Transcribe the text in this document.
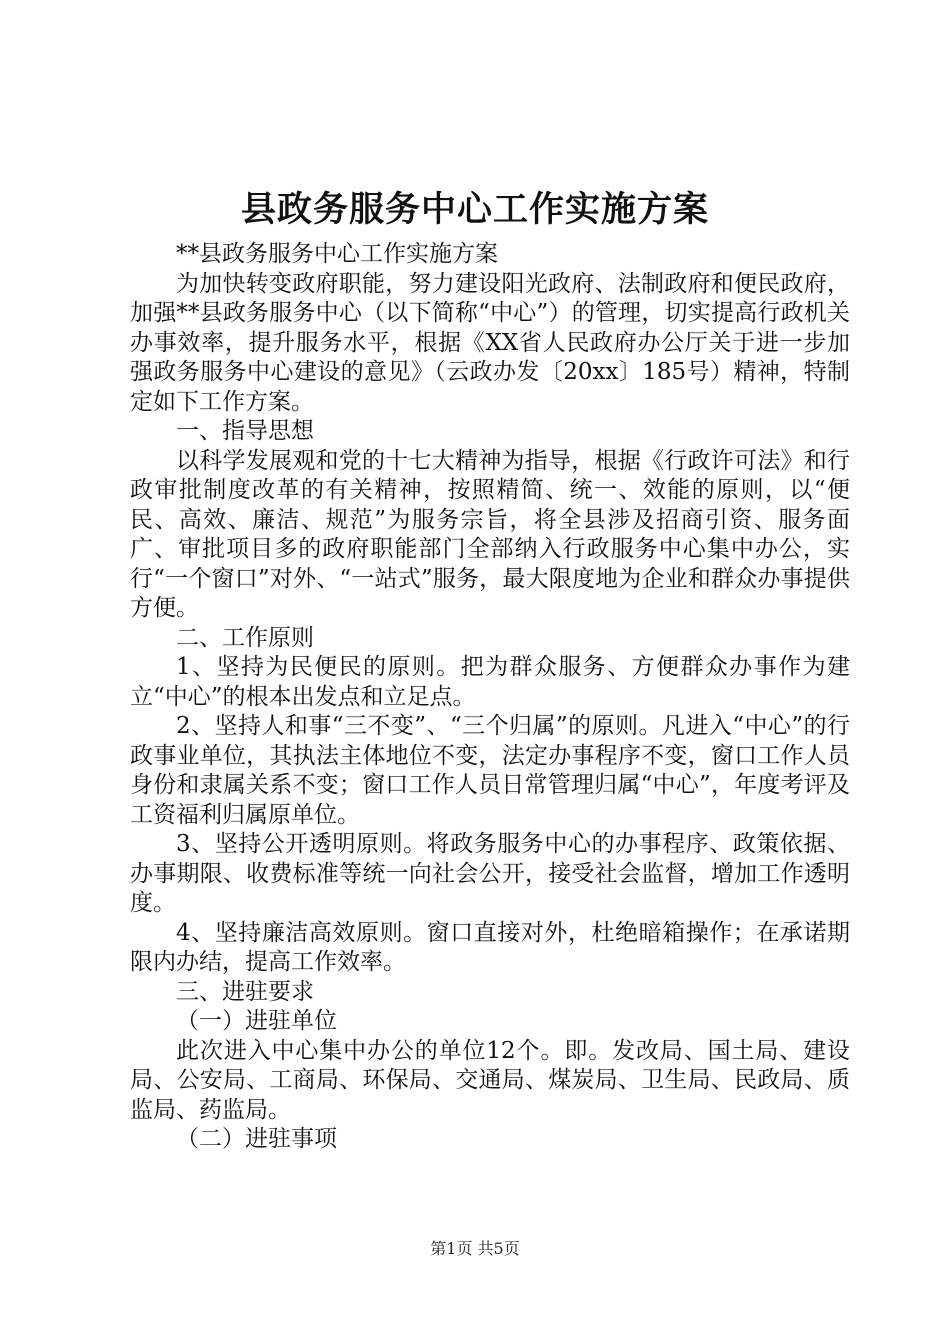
县政务服务中心工作实施方案

**县政务服务中心工作实施方案

为加快转变政府职能，努力建设阳光政府、法制政府和便民政府，加强**县政务服务中心（以下简称“中心”）的管理，切实提高行政机关办事效率，提升服务水平，根据《XX省人民政府办公厅关于进一步加强政务服务中心建设的意见》（云政办发〔20xx〕185号）精神，特制定如下工作方案。

一、指导思想

以科学发展观和党的十七大精神为指导，根据《行政许可法》和行政审批制度改革的有关精神，按照精简、统一、效能的原则，以“便民、高效、廉洁、规范”为服务宗旨，将全县涉及招商引资、服务面广、审批项目多的政府职能部门全部纳入行政服务中心集中办公，实行“一个窗口”对外、“一站式”服务，最大限度地为企业和群众办事提供方便。

二、工作原则

1、坚持为民便民的原则。把为群众服务、方便群众办事作为建立“中心”的根本出发点和立足点。

2、坚持人和事“三不变”、“三个归属”的原则。凡进入“中心”的行政事业单位，其执法主体地位不变，法定办事程序不变，窗口工作人员身份和隶属关系不变；窗口工作人员日常管理归属“中心”，年度考评及工资福利归属原单位。

3、坚持公开透明原则。将政务服务中心的办事程序、政策依据、办事期限、收费标准等统一向社会公开，接受社会监督，增加工作透明度。

4、坚持廉洁高效原则。窗口直接对外，杜绝暗箱操作；在承诺期限内办结，提高工作效率。

三、进驻要求

（一）进驻单位

此次进入中心集中办公的单位12个。即。发改局、国土局、建设局、公安局、工商局、环保局、交通局、煤炭局、卫生局、民政局、质监局、药监局。

（二）进驻事项

第1页 共5页
